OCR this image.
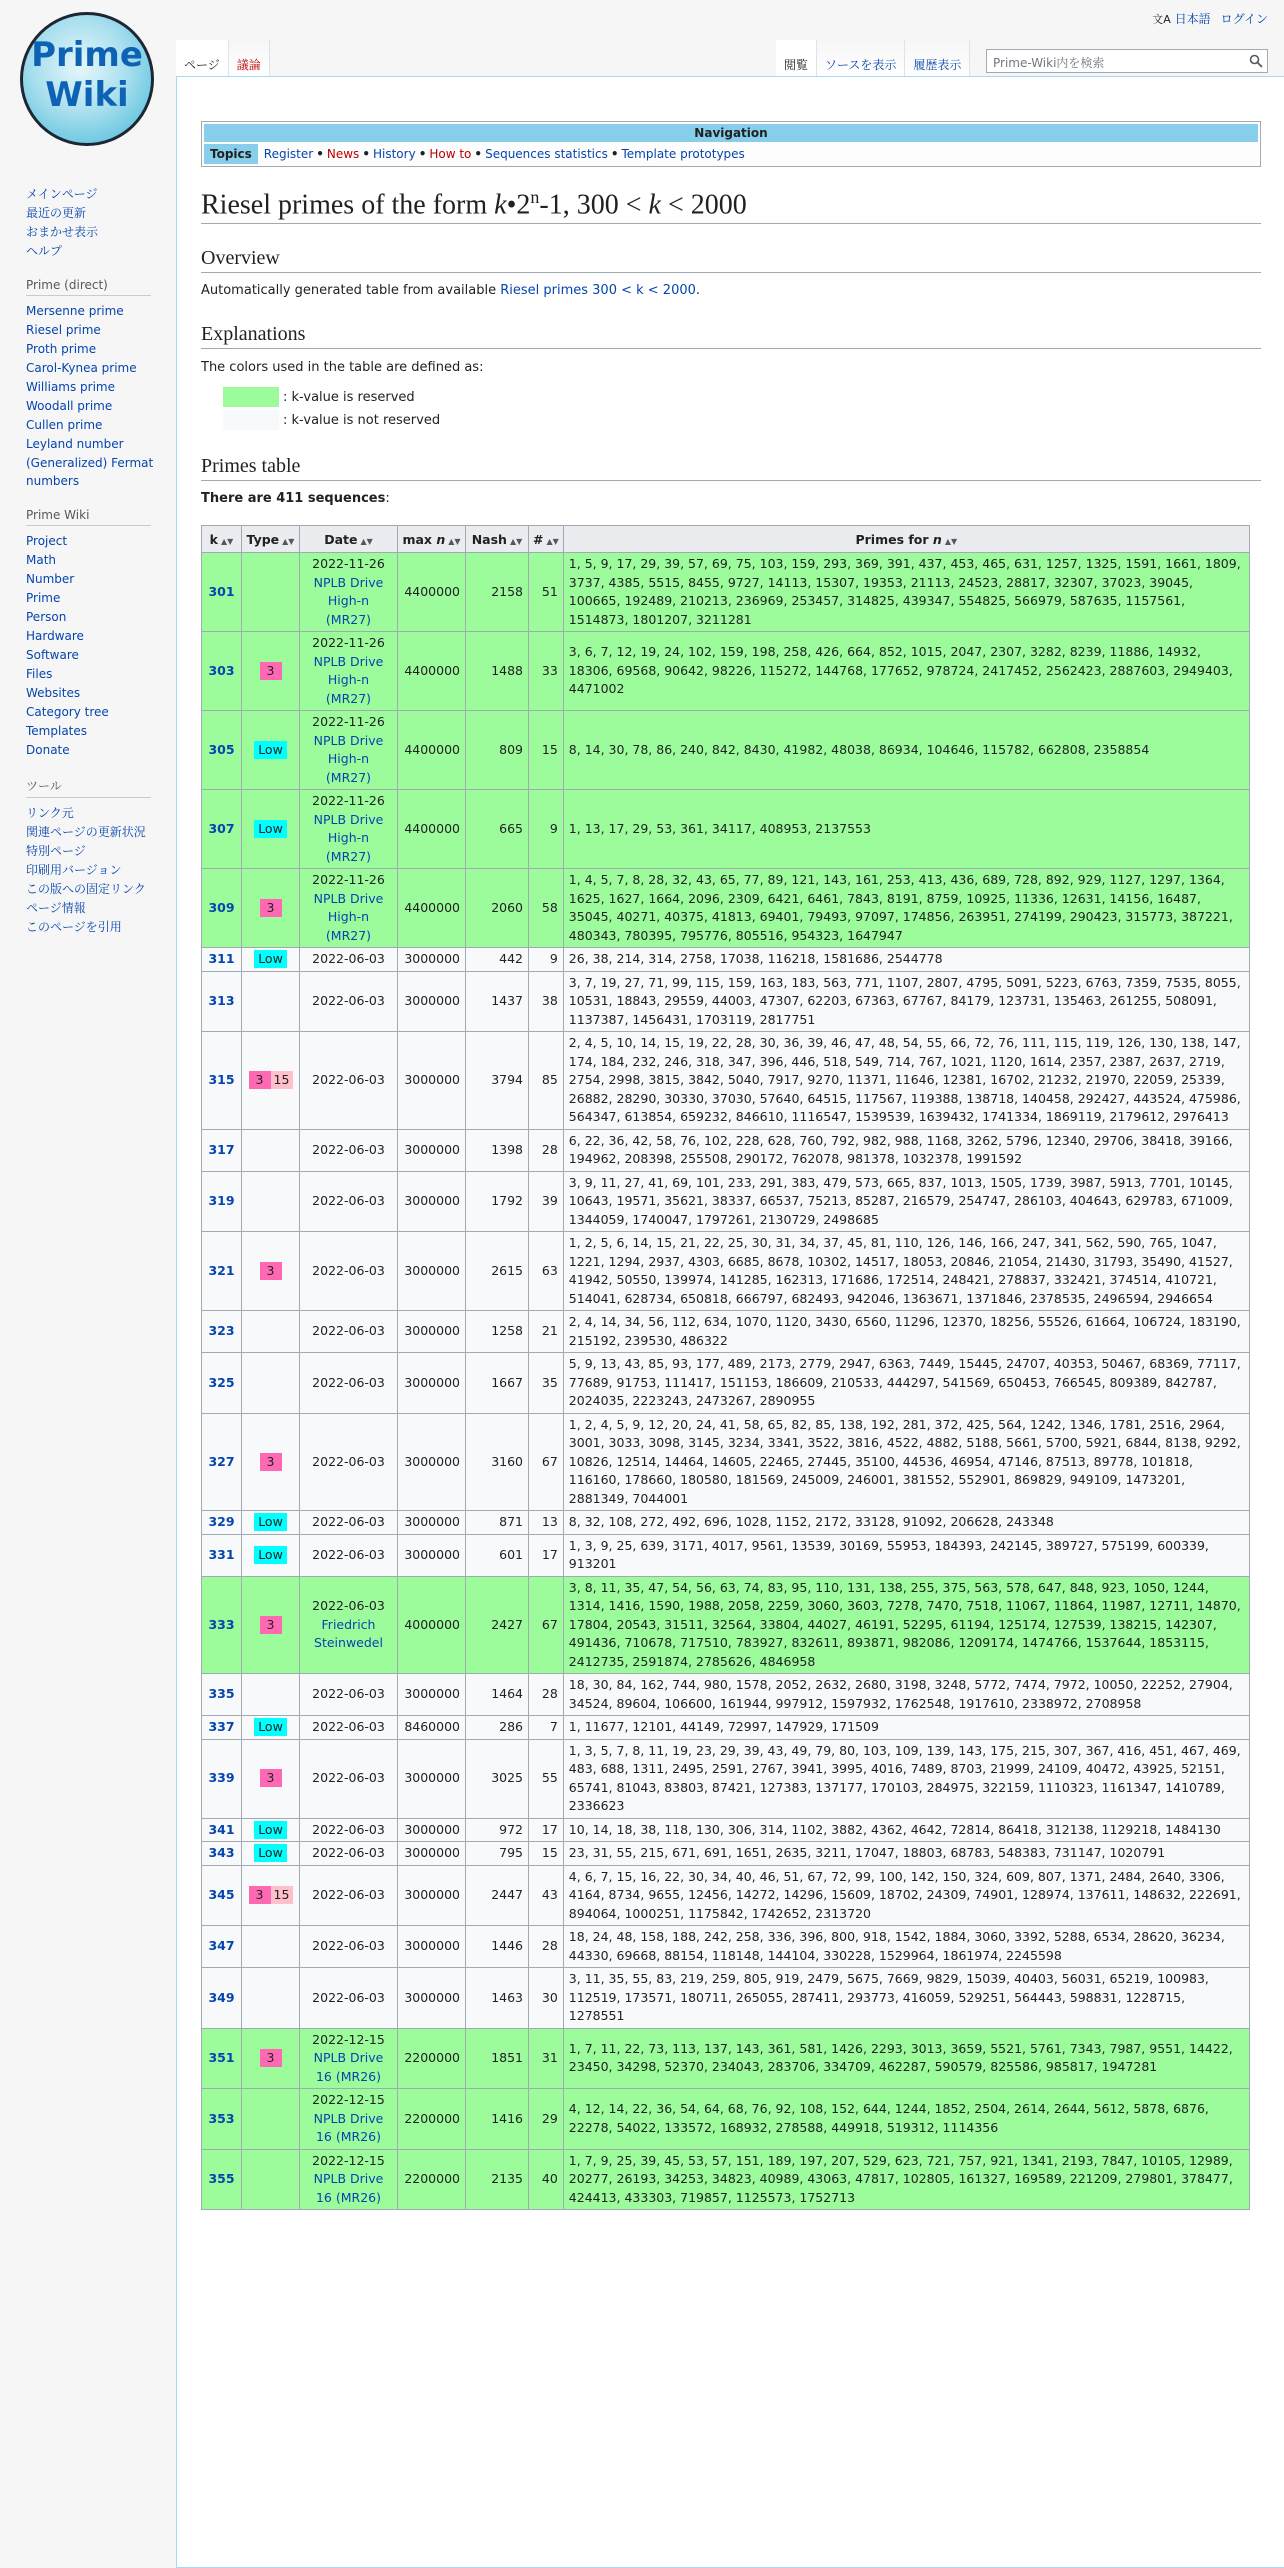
文A 日本語 ログイン
Prime
Wiki
ページ	議論	閲覧	ソースを表示	履歴表示	Prime-Wiki内を検索
メインページ
最近の更新
おまかせ表示
ヘルプ
Prime (direct)
Mersenne prime
Riesel prime
Proth prime
Carol-Kynea prime
Williams prime
Woodall prime
Cullen prime
Leyland number
(Generalized) Fermat numbers
Prime Wiki
Project
Math
Number
Prime
Person
Hardware
Software
Files
Websites
Category tree
Templates
Donate
ツール
リンク元
関連ページの更新状況
特別ページ
印刷用バージョン
この版への固定リンク
ページ情報
このページを引用
Navigation
Topics	Register • News • History • How to • Sequences statistics • Template prototypes
Riesel primes of the form k•2$^n$-1, 300 < k < 2000
Overview
Automatically generated table from available Riesel primes 300 < k < 2000.
Explanations
The colors used in the table are defined as:
: k-value is reserved
: k-value is not reserved
Primes table
There are 411 sequences:
k ▲▼	Type ▲▼	Date ▲▼	max n ▲▼	Nash ▲▼	# ▲▼	Primes for n ▲▼
301		2022-11-26
NPLB Drive High-n (MR27)	4400000	2158	51	1, 5, 9, 17, 29, 39, 57, 69, 75, 103, 159, 293, 369, 391, 437, 453, 465, 631, 1257, 1325, 1591, 1661, 1809, 3737, 4385, 5515, 8455, 9727, 14113, 15307, 19353, 21113, 24523, 28817, 32307, 37023, 39045, 100665, 192489, 210213, 236969, 253457, 314825, 439347, 554825, 566979, 587635, 1157561, 1514873, 1801207, 3211281
303	3	2022-11-26
NPLB Drive High-n (MR27)	4400000	1488	33	3, 6, 7, 12, 19, 24, 102, 159, 198, 258, 426, 664, 852, 1015, 2047, 2307, 3282, 8239, 11886, 14932, 18306, 69568, 90642, 98226, 115272, 144768, 177652, 978724, 2417452, 2562423, 2887603, 2949403, 4471002
305	Low	2022-11-26
NPLB Drive High-n (MR27)	4400000	809	15	8, 14, 30, 78, 86, 240, 842, 8430, 41982, 48038, 86934, 104646, 115782, 662808, 2358854
307	Low	2022-11-26
NPLB Drive High-n (MR27)	4400000	665	9	1, 13, 17, 29, 53, 361, 34117, 408953, 2137553
309	3	2022-11-26
NPLB Drive High-n (MR27)	4400000	2060	58	1, 4, 5, 7, 8, 28, 32, 43, 65, 77, 89, 121, 143, 161, 253, 413, 436, 689, 728, 892, 929, 1127, 1297, 1364, 1625, 1627, 1664, 2096, 2309, 6421, 6461, 7843, 8191, 8759, 10925, 11336, 12631, 14156, 16487, 35045, 40271, 40375, 41813, 69401, 79493, 97097, 174856, 263951, 274199, 290423, 315773, 387221, 480343, 780395, 795776, 805516, 954323, 1647947
311	Low	2022-06-03	3000000	442	9	26, 38, 214, 314, 2758, 17038, 116218, 1581686, 2544778
313		2022-06-03	3000000	1437	38	3, 7, 19, 27, 71, 99, 115, 159, 163, 183, 563, 771, 1107, 2807, 4795, 5091, 5223, 6763, 7359, 7535, 8055, 10531, 18843, 29559, 44003, 47307, 62203, 67363, 67767, 84179, 123731, 135463, 261255, 508091, 1137387, 1456431, 1703119, 2817751
315	3 15	2022-06-03	3000000	3794	85	2, 4, 5, 10, 14, 15, 19, 22, 28, 30, 36, 39, 46, 47, 48, 54, 55, 66, 72, 76, 111, 115, 119, 126, 130, 138, 147, 174, 184, 232, 246, 318, 347, 396, 446, 518, 549, 714, 767, 1021, 1120, 1614, 2357, 2387, 2637, 2719, 2754, 2998, 3815, 3842, 5040, 7917, 9270, 11371, 11646, 12381, 16702, 21232, 21970, 22059, 25339, 26882, 28290, 30330, 37030, 57640, 64515, 117567, 119388, 138718, 140458, 292427, 443524, 475986, 564347, 613854, 659232, 846610, 1116547, 1539539, 1639432, 1741334, 1869119, 2179612, 2976413
317		2022-06-03	3000000	1398	28	6, 22, 36, 42, 58, 76, 102, 228, 628, 760, 792, 982, 988, 1168, 3262, 5796, 12340, 29706, 38418, 39166, 194962, 208398, 255508, 290172, 762078, 981378, 1032378, 1991592
319		2022-06-03	3000000	1792	39	3, 9, 11, 27, 41, 69, 101, 233, 291, 383, 479, 573, 665, 837, 1013, 1505, 1739, 3987, 5913, 7701, 10145, 10643, 19571, 35621, 38337, 66537, 75213, 85287, 216579, 254747, 286103, 404643, 629783, 671009, 1344059, 1740047, 1797261, 2130729, 2498685
321	3	2022-06-03	3000000	2615	63	1, 2, 5, 6, 14, 15, 21, 22, 25, 30, 31, 34, 37, 45, 81, 110, 126, 146, 166, 247, 341, 562, 590, 765, 1047, 1221, 1294, 2937, 4303, 6685, 8678, 10302, 14517, 18053, 20846, 21054, 21430, 31793, 35490, 41527, 41942, 50550, 139974, 141285, 162313, 171686, 172514, 248421, 278837, 332421, 374514, 410721, 514041, 628734, 650818, 666797, 682493, 942046, 1363671, 1371846, 2378535, 2496594, 2946654
323		2022-06-03	3000000	1258	21	2, 4, 14, 34, 56, 112, 634, 1070, 1120, 3430, 6560, 11296, 12370, 18256, 55526, 61664, 106724, 183190, 215192, 239530, 486322
325		2022-06-03	3000000	1667	35	5, 9, 13, 43, 85, 93, 177, 489, 2173, 2779, 2947, 6363, 7449, 15445, 24707, 40353, 50467, 68369, 77117, 77689, 91753, 111417, 151153, 186609, 210533, 444297, 541569, 650453, 766545, 809389, 842787, 2024035, 2223243, 2473267, 2890955
327	3	2022-06-03	3000000	3160	67	1, 2, 4, 5, 9, 12, 20, 24, 41, 58, 65, 82, 85, 138, 192, 281, 372, 425, 564, 1242, 1346, 1781, 2516, 2964, 3001, 3033, 3098, 3145, 3234, 3341, 3522, 3816, 4522, 4882, 5188, 5661, 5700, 5921, 6844, 8138, 9292, 10826, 12514, 14464, 14605, 22465, 27445, 35100, 44536, 46954, 47146, 87513, 89778, 101818, 116160, 178660, 180580, 181569, 245009, 246001, 381552, 552901, 869829, 949109, 1473201, 2881349, 7044001
329	Low	2022-06-03	3000000	871	13	8, 32, 108, 272, 492, 696, 1028, 1152, 2172, 33128, 91092, 206628, 243348
331	Low	2022-06-03	3000000	601	17	1, 3, 9, 25, 639, 3171, 4017, 9561, 13539, 30169, 55953, 184393, 242145, 389727, 575199, 600339, 913201
333	3	2022-06-03
Friedrich Steinwedel	4000000	2427	67	3, 8, 11, 35, 47, 54, 56, 63, 74, 83, 95, 110, 131, 138, 255, 375, 563, 578, 647, 848, 923, 1050, 1244, 1314, 1416, 1590, 1988, 2058, 2259, 3060, 3603, 7278, 7470, 7518, 11067, 11864, 11987, 12711, 14870, 17804, 20543, 31511, 32564, 33804, 44027, 46191, 52295, 61194, 125174, 127539, 138215, 142307, 491436, 710678, 717510, 783927, 832611, 893871, 982086, 1209174, 1474766, 1537644, 1853115, 2412735, 2591874, 2785626, 4846958
335		2022-06-03	3000000	1464	28	18, 30, 84, 162, 744, 980, 1578, 2052, 2632, 2680, 3198, 3248, 5772, 7474, 7972, 10050, 22252, 27904, 34524, 89604, 106600, 161944, 997912, 1597932, 1762548, 1917610, 2338972, 2708958
337	Low	2022-06-03	8460000	286	7	1, 11677, 12101, 44149, 72997, 147929, 171509
339	3	2022-06-03	3000000	3025	55	1, 3, 5, 7, 8, 11, 19, 23, 29, 39, 43, 49, 79, 80, 103, 109, 139, 143, 175, 215, 307, 367, 416, 451, 467, 469, 483, 688, 1311, 2495, 2591, 2767, 3941, 3995, 4016, 7489, 8703, 21999, 24109, 40472, 43925, 52151, 65741, 81043, 83803, 87421, 127383, 137177, 170103, 284975, 322159, 1110323, 1161347, 1410789, 2336623
341	Low	2022-06-03	3000000	972	17	10, 14, 18, 38, 118, 130, 306, 314, 1102, 3882, 4362, 4642, 72814, 86418, 312138, 1129218, 1484130
343	Low	2022-06-03	3000000	795	15	23, 31, 55, 215, 671, 691, 1651, 2635, 3211, 17047, 18803, 68783, 548383, 731147, 1020791
345	3 15	2022-06-03	3000000	2447	43	4, 6, 7, 15, 16, 22, 30, 34, 40, 46, 51, 67, 72, 99, 100, 142, 150, 324, 609, 807, 1371, 2484, 2640, 3306, 4164, 8734, 9655, 12456, 14272, 14296, 15609, 18702, 24309, 74901, 128974, 137611, 148632, 222691, 894064, 1000251, 1175842, 1742652, 2313720
347		2022-06-03	3000000	1446	28	18, 24, 48, 158, 188, 242, 258, 336, 396, 800, 918, 1542, 1884, 3060, 3392, 5288, 6534, 28620, 36234, 44330, 69668, 88154, 118148, 144104, 330228, 1529964, 1861974, 2245598
349		2022-06-03	3000000	1463	30	3, 11, 35, 55, 83, 219, 259, 805, 919, 2479, 5675, 7669, 9829, 15039, 40403, 56031, 65219, 100983, 112519, 173571, 180711, 265055, 287411, 293773, 416059, 529251, 564443, 598831, 1228715, 1278551
351	3	2022-12-15
NPLB Drive 16 (MR26)	2200000	1851	31	1, 7, 11, 22, 73, 113, 137, 143, 361, 581, 1426, 2293, 3013, 3659, 5521, 5761, 7343, 7987, 9551, 14422, 23450, 34298, 52370, 234043, 283706, 334709, 462287, 590579, 825586, 985817, 1947281
353		2022-12-15
NPLB Drive 16 (MR26)	2200000	1416	29	4, 12, 14, 22, 36, 54, 64, 68, 76, 92, 108, 152, 644, 1244, 1852, 2504, 2614, 2644, 5612, 5878, 6876, 22278, 54022, 133572, 168932, 278588, 449918, 519312, 1114356
355		2022-12-15
NPLB Drive 16 (MR26)	2200000	2135	40	1, 7, 9, 25, 39, 45, 53, 57, 151, 189, 197, 207, 529, 623, 721, 757, 921, 1341, 2193, 7847, 10105, 12989, 20277, 26193, 34253, 34823, 40989, 43063, 47817, 102805, 161327, 169589, 221209, 279801, 378477, 424413, 433303, 719857, 1125573, 1752713
